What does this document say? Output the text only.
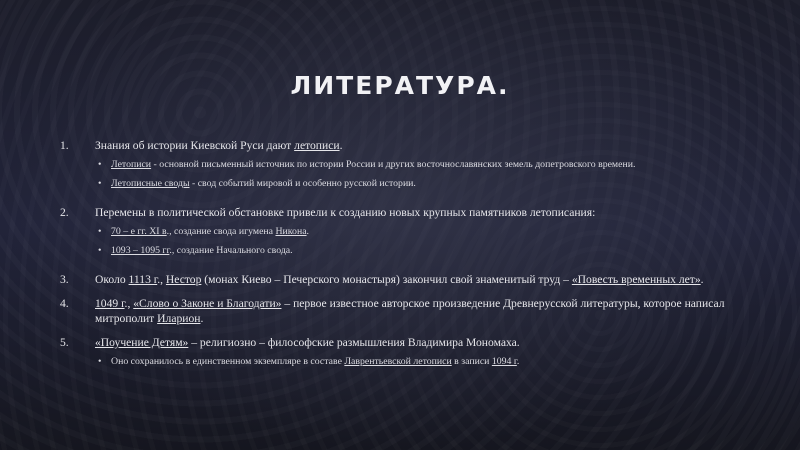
ЛИТЕРАТУРА.
1.	Знания об истории Киевской Руси дают летописи.
• Летописи - основной письменный источник по истории России и других восточнославянских земель допетровского времени.
• Летописные своды - свод событий мировой и особенно русской истории.
2.	Перемены в политической обстановке привели к созданию новых крупных памятников летописания:
• 70 – е гг. XI в., создание свода игумена Никона.
• 1093 – 1095 гг., создание Начального свода.
3.	Около 1113 г., Нестор (монах Киево – Печерского монастыря) закончил свой знаменитый труд – «Повесть временных лет».
4.	1049 г., «Слово о Законе и Благодати» – первое известное авторское произведение Древнерусской литературы, которое написал митрополит Иларион.
5.	«Поучение Детям» – религиозно – философские размышления Владимира Мономаха.
• Оно сохранилось в единственном экземпляре в составе Лаврентьевской летописи в записи 1094 г.
